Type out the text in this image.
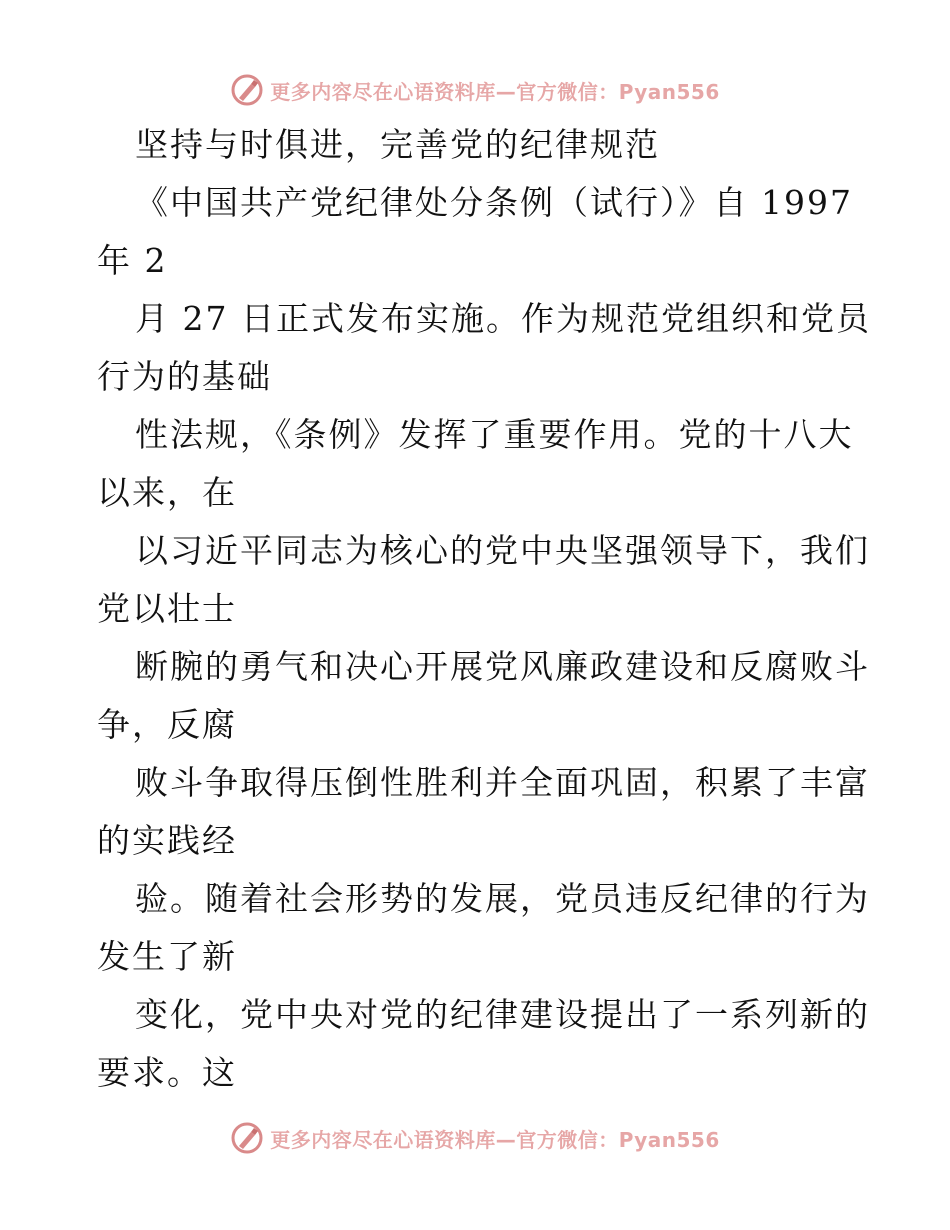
更多内容尽在心语资料库—官方微信：Pyan556
坚持与时俱进，完善党的纪律规范
《中国共产党纪律处分条例（试行）》自 1997
年 2
月 27 日正式发布实施。作为规范党组织和党员
行为的基础
性法规，《条例》发挥了重要作用。党的十八大
以来，在
以习近平同志为核心的党中央坚强领导下，我们
党以壮士
断腕的勇气和决心开展党风廉政建设和反腐败斗
争，反腐
败斗争取得压倒性胜利并全面巩固，积累了丰富
的实践经
验。随着社会形势的发展，党员违反纪律的行为
发生了新
变化，党中央对党的纪律建设提出了一系列新的
要求。这
更多内容尽在心语资料库—官方微信：Pyan556
